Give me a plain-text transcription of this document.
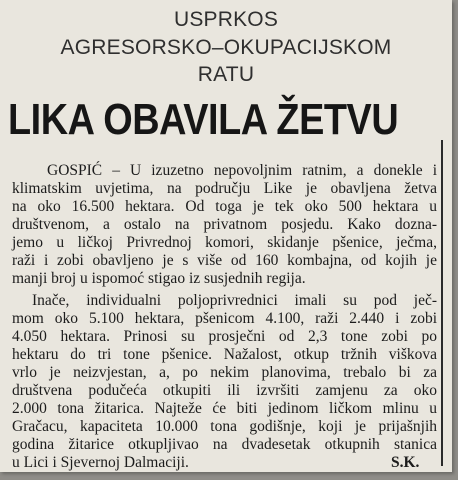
USPRKOS
AGRESORSKO–OKUPACIJSKOM
RATU
LIKA OBAVILA ŽETVU
GOSPIĆ – U izuzetno nepovoljnim ratnim, a donekle i
klimatskim uvjetima, na području Like je obavljena žetva
na oko 16.500 hektara. Od toga je tek oko 500 hektara u
društvenom, a ostalo na privatnom posjedu. Kako dozna-
jemo u ličkoj Privrednoj komori, skidanje pšenice, ječma,
raži i zobi obavljeno je s više od 160 kombajna, od kojih je
manji broj u ispomoć stigao iz susjednih regija.
Inače, individualni poljoprivrednici imali su pod ječ-
mom oko 5.100 hektara, pšenicom 4.100, raži 2.440 i zobi
4.050 hektara. Prinosi su prosječni od 2,3 tone zobi po
hektaru do tri tone pšenice. Nažalost, otkup tržnih viškova
vrlo je neizvjestan, a, po nekim planovima, trebalo bi za
društvena podučeća otkupiti ili izvršiti zamjenu za oko
2.000 tona žitarica. Najteže će biti jedinom ličkom mlinu u
Gračacu, kapaciteta 10.000 tona godišnje, koji je prijašnjih
godina žitarice otkupljivao na dvadesetak otkupnih stanica
u Lici i Sjevernoj Dalmaciji.	S.K.
